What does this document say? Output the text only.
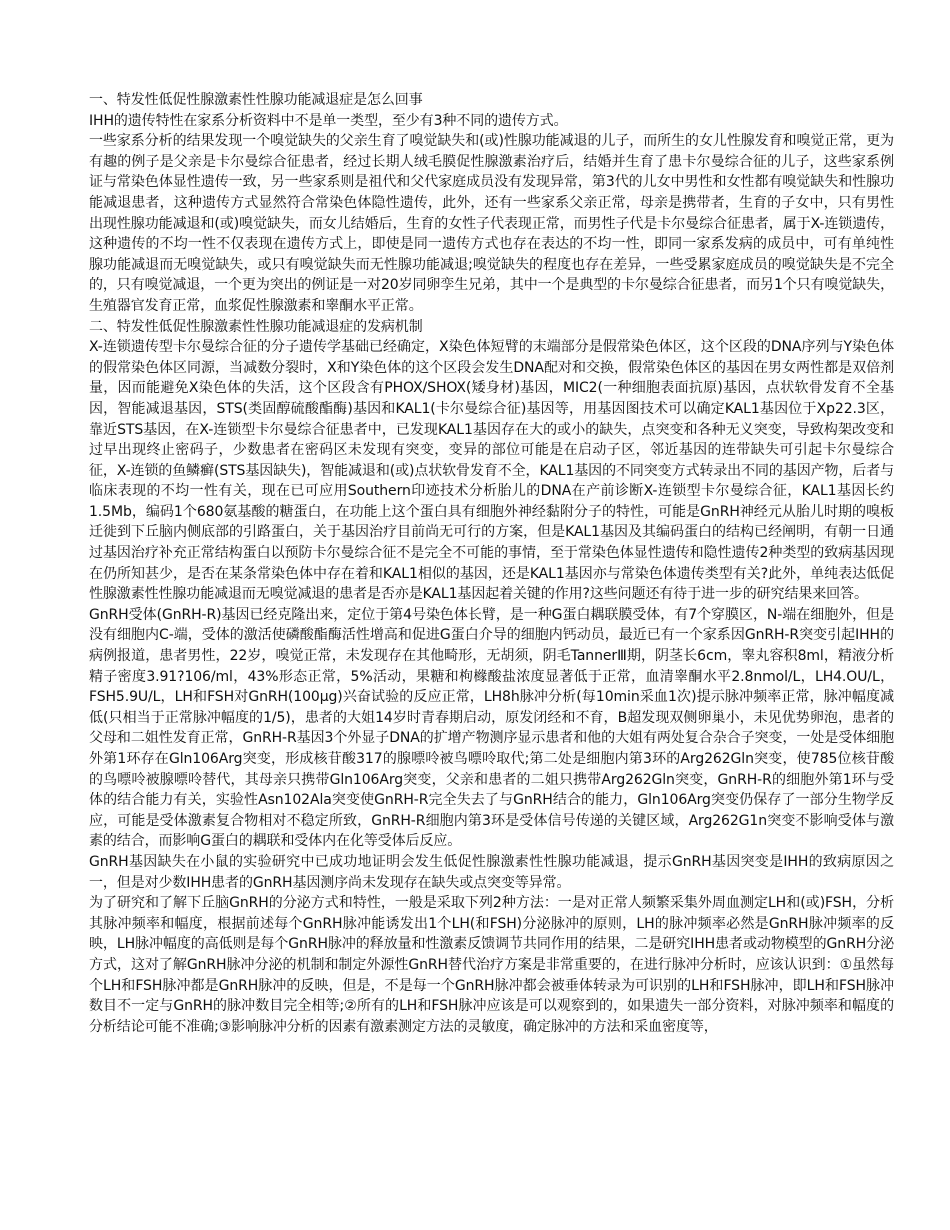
一、特发性低促性腺激素性性腺功能减退症是怎么回事

IHH的遗传特性在家系分析资料中不是单一类型，至少有3种不同的遗传方式。

一些家系分析的结果发现一个嗅觉缺失的父亲生育了嗅觉缺失和(或)性腺功能减退的儿子，而所生的女儿性腺发育和嗅觉正常，更为有趣的例子是父亲是卡尔曼综合征患者，经过长期人绒毛膜促性腺激素治疗后，结婚并生育了患卡尔曼综合征的儿子，这些家系例证与常染色体显性遗传一致，另一些家系则是祖代和父代家庭成员没有发现异常，第3代的儿女中男性和女性都有嗅觉缺失和性腺功能减退患者，这种遗传方式显然符合常染色体隐性遗传，此外，还有一些家系父亲正常，母亲是携带者，生育的子女中，只有男性出现性腺功能减退和(或)嗅觉缺失，而女儿结婚后，生育的女性子代表现正常，而男性子代是卡尔曼综合征患者，属于X-连锁遗传，这种遗传的不均一性不仅表现在遗传方式上，即使是同一遗传方式也存在表达的不均一性，即同一家系发病的成员中，可有单纯性腺功能减退而无嗅觉缺失，或只有嗅觉缺失而无性腺功能减退;嗅觉缺失的程度也存在差异，一些受累家庭成员的嗅觉缺失是不完全的，只有嗅觉减退，一个更为突出的例证是一对20岁同卵孪生兄弟，其中一个是典型的卡尔曼综合征患者，而另1个只有嗅觉缺失，生殖器官发育正常，血浆促性腺激素和睾酮水平正常。

二、特发性低促性腺激素性性腺功能减退症的发病机制

X-连锁遗传型卡尔曼综合征的分子遗传学基础已经确定，X染色体短臂的末端部分是假常染色体区，这个区段的DNA序列与Y染色体的假常染色体区同源，当减数分裂时，X和Y染色体的这个区段会发生DNA配对和交换，假常染色体区的基因在男女两性都是双倍剂量，因而能避免X染色体的失活，这个区段含有PHOX/SHOX(矮身材)基因，MIC2(一种细胞表面抗原)基因，点状软骨发育不全基因，智能减退基因，STS(类固醇硫酸酯酶)基因和KAL1(卡尔曼综合征)基因等，用基因图技术可以确定KAL1基因位于Xp22.3区，靠近STS基因，在X-连锁型卡尔曼综合征患者中，已发现KAL1基因存在大的或小的缺失，点突变和各种无义突变，导致构架改变和过早出现终止密码子，少数患者在密码区未发现有突变，变异的部位可能是在启动子区，邻近基因的连带缺失可引起卡尔曼综合征，X-连锁的鱼鳞癣(STS基因缺失)，智能减退和(或)点状软骨发育不全，KAL1基因的不同突变方式转录出不同的基因产物，后者与临床表现的不均一性有关，现在已可应用Southern印迹技术分析胎儿的DNA在产前诊断X-连锁型卡尔曼综合征，KAL1基因长约1.5Mb，编码1个680氨基酸的糖蛋白，在功能上这个蛋白具有细胞外神经黏附分子的特性，可能是GnRH神经元从胎儿时期的嗅板迁徙到下丘脑内侧底部的引路蛋白，关于基因治疗目前尚无可行的方案，但是KAL1基因及其编码蛋白的结构已经阐明，有朝一日通过基因治疗补充正常结构蛋白以预防卡尔曼综合征不是完全不可能的事情，至于常染色体显性遗传和隐性遗传2种类型的致病基因现在仍所知甚少，是否在某条常染色体中存在着和KAL1相似的基因，还是KAL1基因亦与常染色体遗传类型有关?此外，单纯表达低促性腺激素性性腺功能减退而无嗅觉减退的患者是否亦是KAL1基因起着关键的作用?这些问题还有待于进一步的研究结果来回答。

GnRH受体(GnRH-R)基因已经克隆出来，定位于第4号染色体长臂，是一种G蛋白耦联膜受体，有7个穿膜区，N-端在细胞外，但是没有细胞内C-端，受体的激活使磷酸酯酶活性增高和促进G蛋白介导的细胞内钙动员，最近已有一个家系因GnRH-R突变引起IHH的病例报道，患者男性，22岁，嗅觉正常，未发现存在其他畸形，无胡须，阴毛TannerⅢ期，阴茎长6cm，睾丸容积8ml，精液分析精子密度3.91?106/ml，43%形态正常，5%活动，果糖和枸橼酸盐浓度显著低于正常，血清睾酮水平2.8nmol/L，LH4.OU/L，FSH5.9U/L，LH和FSH对GnRH(100μg)兴奋试验的反应正常，LH8h脉冲分析(每10min采血1次)提示脉冲频率正常，脉冲幅度减低(只相当于正常脉冲幅度的1/5)，患者的大姐14岁时青春期启动，原发闭经和不育，B超发现双侧卵巢小，未见优势卵泡，患者的父母和二姐性发育正常，GnRH-R基因3个外显子DNA的扩增产物测序显示患者和他的大姐有两处复合杂合子突变，一处是受体细胞外第1环存在Gln106Arg突变，形成核苷酸317的腺嘌呤被鸟嘌呤取代;第二处是细胞内第3环的Arg262Gln突变，使785位核苷酸的鸟嘌呤被腺嘌呤替代，其母亲只携带Gln106Arg突变，父亲和患者的二姐只携带Arg262Gln突变，GnRH-R的细胞外第1环与受体的结合能力有关，实验性Asn102Ala突变使GnRH-R完全失去了与GnRH结合的能力，Gln106Arg突变仍保存了一部分生物学反应，可能是受体激素复合物相对不稳定所致，GnRH-R细胞内第3环是受体信号传递的关键区域，Arg262G1n突变不影响受体与激素的结合，而影响G蛋白的耦联和受体内在化等受体后反应。

GnRH基因缺失在小鼠的实验研究中已成功地证明会发生低促性腺激素性性腺功能减退，提示GnRH基因突变是IHH的致病原因之一，但是对少数IHH患者的GnRH基因测序尚未发现存在缺失或点突变等异常。

为了研究和了解下丘脑GnRH的分泌方式和特性，一般是采取下列2种方法：一是对正常人频繁采集外周血测定LH和(或)FSH，分析其脉冲频率和幅度，根据前述每个GnRH脉冲能诱发出1个LH(和FSH)分泌脉冲的原则，LH的脉冲频率必然是GnRH脉冲频率的反映，LH脉冲幅度的高低则是每个GnRH脉冲的释放量和性激素反馈调节共同作用的结果，二是研究IHH患者或动物模型的GnRH分泌方式，这对了解GnRH脉冲分泌的机制和制定外源性GnRH替代治疗方案是非常重要的，在进行脉冲分析时，应该认识到：①虽然每个LH和FSH脉冲都是GnRH脉冲的反映，但是，不是每一个GnRH脉冲都会被垂体转录为可识别的LH和FSH脉冲，即LH和FSH脉冲数目不一定与GnRH的脉冲数目完全相等;②所有的LH和FSH脉冲应该是可以观察到的，如果遗失一部分资料，对脉冲频率和幅度的分析结论可能不准确;③影响脉冲分析的因素有激素测定方法的灵敏度，确定脉冲的方法和采血密度等，
